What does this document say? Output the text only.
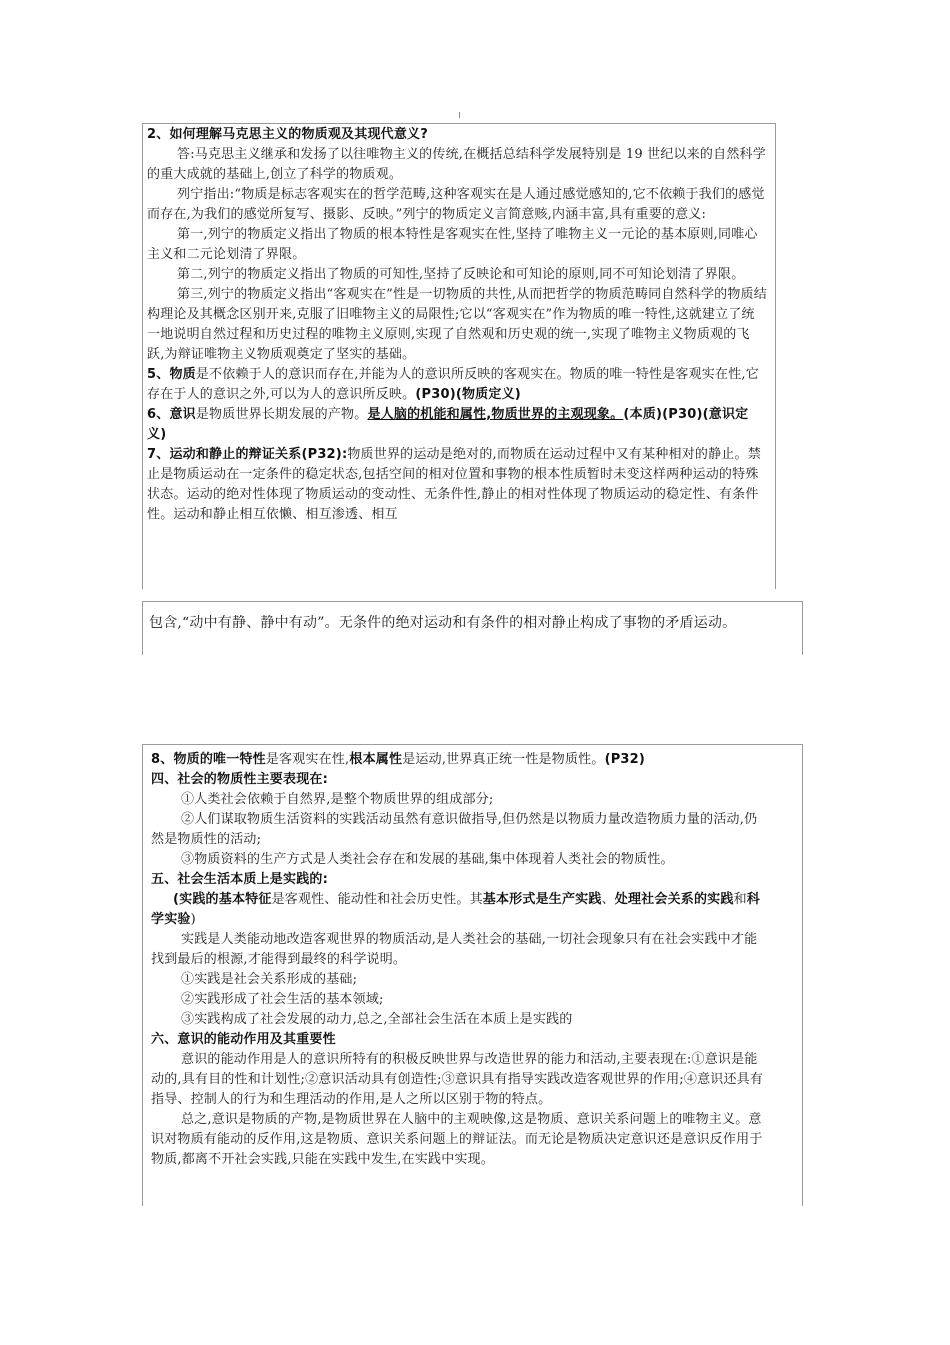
2、如何理解马克思主义的物质观及其现代意义?

答:马克思主义继承和发扬了以往唯物主义的传统,在概括总结科学发展特别是 19 世纪以来的自然科学的重大成就的基础上,创立了科学的物质观。

列宁指出:“物质是标志客观实在的哲学范畴,这种客观实在是人通过感觉感知的,它不依赖于我们的感觉而存在,为我们的感觉所复写、摄影、反映。”列宁的物质定义言简意赅,内涵丰富,具有重要的意义:

第一,列宁的物质定义指出了物质的根本特性是客观实在性,坚持了唯物主义一元论的基本原则,同唯心主义和二元论划清了界限。

第二,列宁的物质定义指出了物质的可知性,坚持了反映论和可知论的原则,同不可知论划清了界限。

第三,列宁的物质定义指出“客观实在”性是一切物质的共性,从而把哲学的物质范畴同自然科学的物质结构理论及其概念区别开来,克服了旧唯物主义的局限性;它以“客观实在”作为物质的唯一特性,这就建立了统一地说明自然过程和历史过程的唯物主义原则,实现了自然观和历史观的统一,实现了唯物主义物质观的飞跃,为辩证唯物主义物质观奠定了坚实的基础。

5、物质是不依赖于人的意识而存在,并能为人的意识所反映的客观实在。物质的唯一特性是客观实在性,它存在于人的意识之外,可以为人的意识所反映。(P30)(物质定义)

6、意识是物质世界长期发展的产物。是人脑的机能和属性,物质世界的主观现象。(本质)(P30)(意识定义)

7、运动和静止的辩证关系(P32):物质世界的运动是绝对的,而物质在运动过程中又有某种相对的静止。禁止是物质运动在一定条件的稳定状态,包括空间的相对位置和事物的根本性质暂时未变这样两种运动的特殊状态。运动的绝对性体现了物质运动的变动性、无条件性,静止的相对性体现了物质运动的稳定性、有条件性。运动和静止相互依懒、相互渗透、相互

包含,“动中有静、静中有动”。无条件的绝对运动和有条件的相对静止构成了事物的矛盾运动。

8、物质的唯一特性是客观实在性,根本属性是运动,世界真正统一性是物质性。(P32)

四、社会的物质性主要表现在:

①人类社会依赖于自然界,是整个物质世界的组成部分;

②人们谋取物质生活资料的实践活动虽然有意识做指导,但仍然是以物质力量改造物质力量的活动,仍然是物质性的活动;

③物质资料的生产方式是人类社会存在和发展的基础,集中体现着人类社会的物质性。

五、社会生活本质上是实践的:

(实践的基本特征是客观性、能动性和社会历史性。其基本形式是生产实践、处理社会关系的实践和科学实验)

实践是人类能动地改造客观世界的物质活动,是人类社会的基础,一切社会现象只有在社会实践中才能找到最后的根源,才能得到最终的科学说明。

①实践是社会关系形成的基础;

②实践形成了社会生活的基本领域;

③实践构成了社会发展的动力,总之,全部社会生活在本质上是实践的

六、意识的能动作用及其重要性

意识的能动作用是人的意识所特有的积极反映世界与改造世界的能力和活动,主要表现在:①意识是能动的,具有目的性和计划性;②意识活动具有创造性;③意识具有指导实践改造客观世界的作用;④意识还具有指导、控制人的行为和生理活动的作用,是人之所以区别于物的特点。

总之,意识是物质的产物,是物质世界在人脑中的主观映像,这是物质、意识关系问题上的唯物主义。意识对物质有能动的反作用,这是物质、意识关系问题上的辩证法。而无论是物质决定意识还是意识反作用于物质,都离不开社会实践,只能在实践中发生,在实践中实现。
